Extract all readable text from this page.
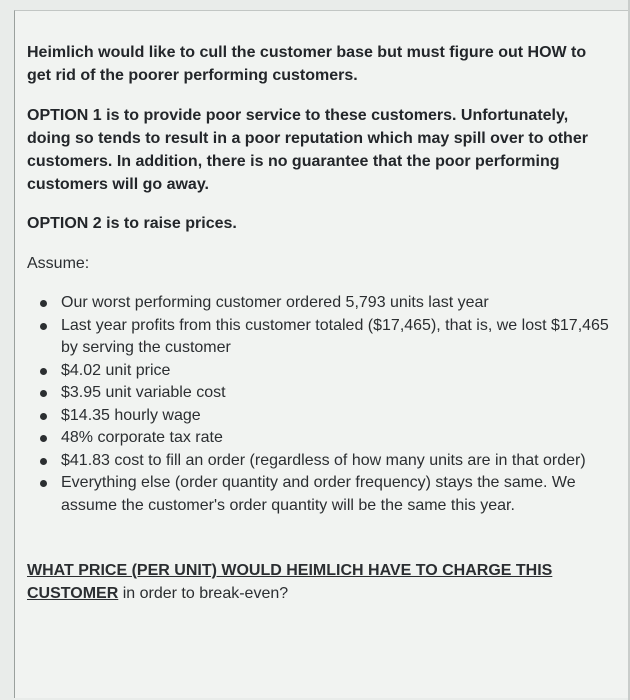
Heimlich would like to cull the customer base but must figure out HOW to get rid of the poorer performing customers.
OPTION 1 is to provide poor service to these customers. Unfortunately, doing so tends to result in a poor reputation which may spill over to other customers. In addition, there is no guarantee that the poor performing customers will go away.
OPTION 2 is to raise prices.
Assume:
Our worst performing customer ordered 5,793 units last year
Last year profits from this customer totaled ($17,465), that is, we lost $17,465 by serving the customer
$4.02 unit price
$3.95 unit variable cost
$14.35 hourly wage
48% corporate tax rate
$41.83 cost to fill an order (regardless of how many units are in that order)
Everything else (order quantity and order frequency) stays the same. We assume the customer's order quantity will be the same this year.
WHAT PRICE (PER UNIT) WOULD HEIMLICH HAVE TO CHARGE THIS CUSTOMER in order to break-even?
